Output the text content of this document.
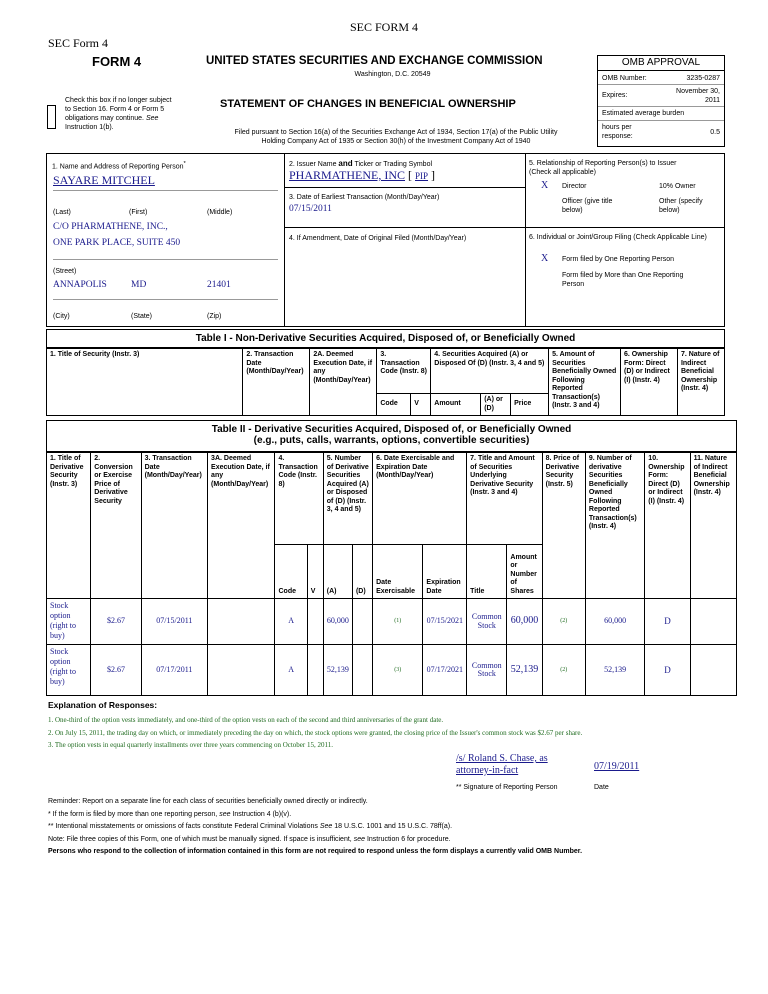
SEC FORM 4
SEC Form 4
FORM 4	UNITED STATES SECURITIES AND EXCHANGE COMMISSION
Washington, D.C. 20549
Check this box if no longer subject
to Section 16. Form 4 or Form 5
obligations may continue. See
Instruction 1(b).
STATEMENT OF CHANGES IN BENEFICIAL OWNERSHIP
Filed pursuant to Section 16(a) of the Securities Exchange Act of 1934, Section 17(a) of the Public Utility
Holding Company Act of 1935 or Section 30(h) of the Investment Company Act of 1940
OMB APPROVAL
OMB Number:	3235-0287
Expires:
November 30,
2011
Estimated average burden
hours per
response:
0.5
1. Name and Address of Reporting Person*
SAYARE MITCHEL
(Last)	(First)	(Middle)
C/O PHARMATHENE, INC.,
ONE PARK PLACE, SUITE 450
(Street)
ANNAPOLIS	MD	21401
(City)	(State)	(Zip)
2. Issuer Name and Ticker or Trading Symbol
PHARMATHENE, INC [ PIP ]
3. Date of Earliest Transaction (Month/Day/Year)
07/15/2011
4. If Amendment, Date of Original Filed (Month/Day/Year)
5. Relationship of Reporting Person(s) to Issuer
(Check all applicable)
X Director	10% Owner
Officer (give title
below)
Other (specify
below)
6. Individual or Joint/Group Filing (Check Applicable Line)
X Form filed by One Reporting Person
Form filed by More than One Reporting
Person
Table I - Non-Derivative Securities Acquired, Disposed of, or Beneficially Owned
1. Title of Security (Instr. 3)	2. Transaction Date (Month/Day/Year)	2A. Deemed Execution Date, if any (Month/Day/Year)	3. Transaction Code (Instr. 8)		4. Securities Acquired (A) or Disposed Of (D) (Instr. 3, 4 and 5)			5. Amount of Securities Beneficially Owned Following Reported Transaction(s) (Instr. 3 and 4)	6. Ownership Form: Direct (D) or Indirect (I) (Instr. 4)	7. Nature of Indirect Beneficial Ownership (Instr. 4)
			Code	V	Amount	(A) or (D)	Price			
Table II - Derivative Securities Acquired, Disposed of, or Beneficially Owned
(e.g., puts, calls, warrants, options, convertible securities)
1. Title of Derivative Security (Instr. 3)	2. Conversion or Exercise Price of Derivative Security	3. Transaction Date (Month/Day/Year)	3A. Deemed Execution Date, if any (Month/Day/Year)	4. Transaction Code (Instr. 8)		5. Number of Derivative Securities Acquired (A) or Disposed of (D) (Instr. 3, 4 and 5)		6. Date Exercisable and Expiration Date (Month/Day/Year)		7. Title and Amount of Securities Underlying Derivative Security (Instr. 3 and 4)		8. Price of Derivative Security (Instr. 5)	9. Number of derivative Securities Beneficially Owned Following Reported Transaction(s) (Instr. 4)	10. Ownership Form: Direct (D) or Indirect (I) (Instr. 4)	11. Nature of Indirect Beneficial Ownership (Instr. 4)
				Code	V	(A)	(D)	Date Exercisable	Expiration Date	Title	Amount or Number of Shares				
Stock option (right to buy)	$2.67	07/15/2011		A		60,000		(1)	07/15/2021	Common Stock	60,000	(2)	60,000	D	
Stock option (right to buy)	$2.67	07/17/2011		A		52,139		(3)	07/17/2021	Common Stock	52,139	(2)	52,139	D	
Explanation of Responses:
1. One-third of the option vests immediately, and one-third of the option vests on each of the second and third anniversaries of the grant date.
2. On July 15, 2011, the trading day on which, or immediately preceding the day on which, the stock options were granted, the closing price of the Issuer's common stock was $2.67 per share.
3. The option vests in equal quarterly installments over three years commencing on October 15, 2011.
/s/ Roland S. Chase, as
attorney-in-fact	07/19/2011
** Signature of Reporting Person	Date
Reminder: Report on a separate line for each class of securities beneficially owned directly or indirectly.
* If the form is filed by more than one reporting person, see Instruction 4 (b)(v).
** Intentional misstatements or omissions of facts constitute Federal Criminal Violations See 18 U.S.C. 1001 and 15 U.S.C. 78ff(a).
Note: File three copies of this Form, one of which must be manually signed. If space is insufficient, see Instruction 6 for procedure.
Persons who respond to the collection of information contained in this form are not required to respond unless the form displays a currently valid OMB Number.
